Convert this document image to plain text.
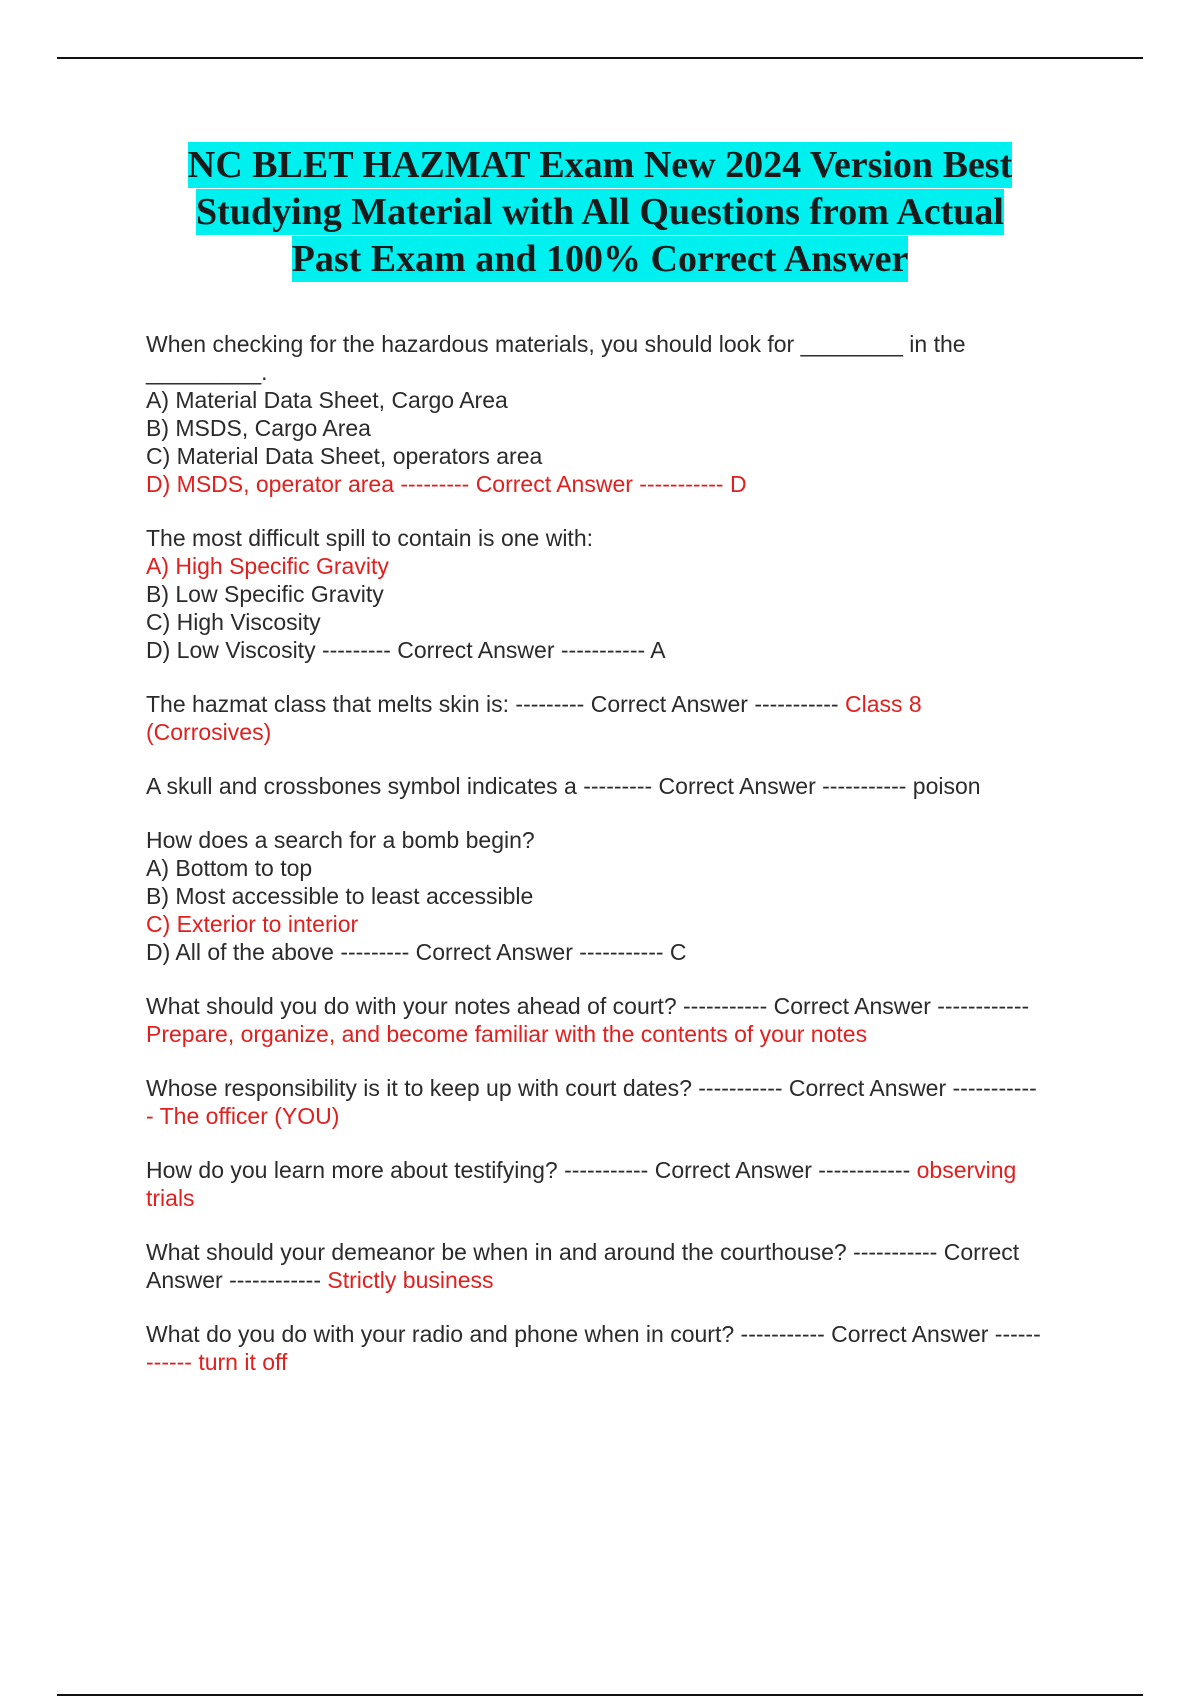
NC BLET HAZMAT Exam New 2024 Version Best
Studying Material with All Questions from Actual
Past Exam and 100% Correct Answer
When checking for the hazardous materials, you should look for ________ in the
_________.
A) Material Data Sheet, Cargo Area
B) MSDS, Cargo Area
C) Material Data Sheet, operators area
D) MSDS, operator area --------- Correct Answer ----------- D
The most difficult spill to contain is one with:
A) High Specific Gravity
B) Low Specific Gravity
C) High Viscosity
D) Low Viscosity --------- Correct Answer ----------- A
The hazmat class that melts skin is: --------- Correct Answer ----------- Class 8
(Corrosives)
A skull and crossbones symbol indicates a --------- Correct Answer ----------- poison
How does a search for a bomb begin?
A) Bottom to top
B) Most accessible to least accessible
C) Exterior to interior
D) All of the above --------- Correct Answer ----------- C
What should you do with your notes ahead of court? ----------- Correct Answer ------------
Prepare, organize, and become familiar with the contents of your notes
Whose responsibility is it to keep up with court dates? ----------- Correct Answer -----------
- The officer (YOU)
How do you learn more about testifying? ----------- Correct Answer ------------ observing
trials
What should your demeanor be when in and around the courthouse? ----------- Correct
Answer ------------ Strictly business
What do you do with your radio and phone when in court? ----------- Correct Answer ------
------ turn it off
